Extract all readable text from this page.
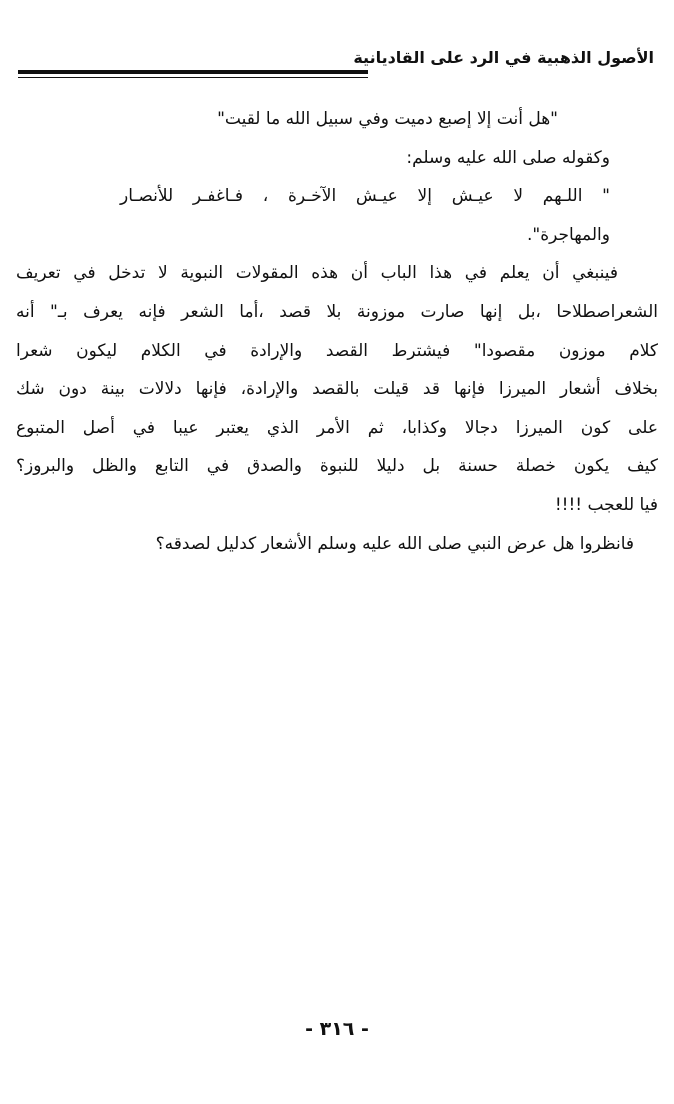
الأصول الذهبية في الرد على القاديانية
"هل أنت إلا إصبع دميت وفي سبيل الله ما لقيت"
وكقوله صلى الله عليه وسلم:
" اللـهم لا عيـش إلا عيـش الآخـرة ، فـاغفـر للأنصـار
والمهاجرة".
فينبغي أن يعلم في هذا الباب أن هذه المقولات النبوية لا تدخل في تعريف
الشعراصطلاحا ،بل إنها صارت موزونة بلا قصد ،أما الشعر فإنه يعرف بـ" أنه
كلام موزون مقصودا" فيشترط القصد والإرادة في الكلام ليكون شعرا
بخلاف أشعار الميرزا فإنها قد قيلت بالقصد والإرادة، فإنها دلالات بينة دون شك
على كون الميرزا دجالا وكذابا، ثم الأمر الذي يعتبر عيبا في أصل المتبوع
كيف يكون خصلة حسنة بل دليلا للنبوة والصدق في التابع والظل والبروز؟
فيا للعجب !!!!
فانظروا هل عرض النبي صلى الله عليه وسلم الأشعار كدليل لصدقه؟
- ٣١٦ -
